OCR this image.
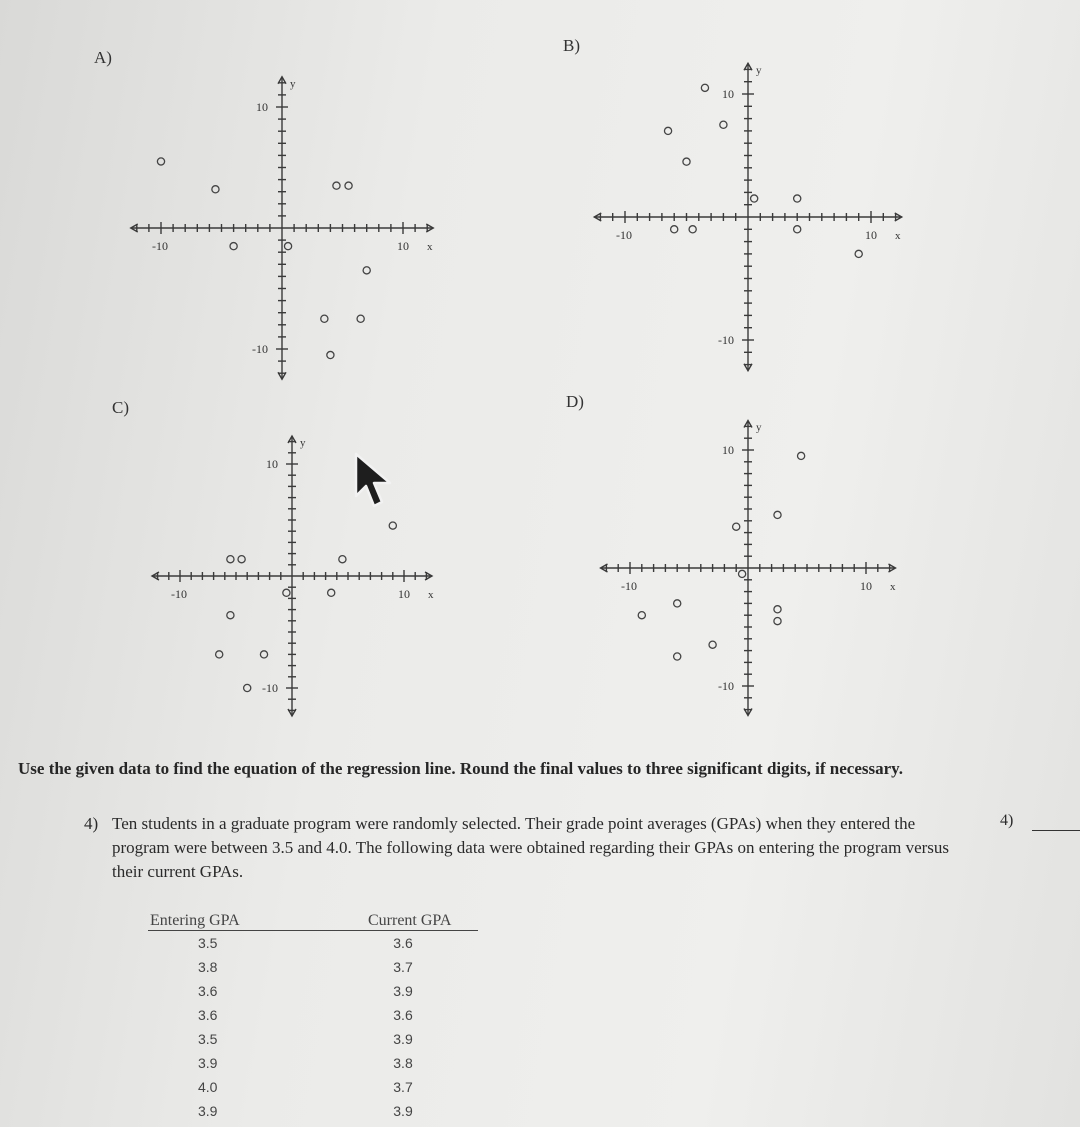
A)
B)
C)	D)
-10	10
10
-10
x
y
-10	10
10
-10
x
y
-10	10
10
-10
x
y
-10	10
10
-10
x
y
Use the given data to find the equation of the regression line. Round the final values to three significant digits, if necessary.
4) Ten students in a graduate program were randomly selected. Their grade point averages (GPAs) when they entered the program were between 3.5 and 4.0. The following data were obtained regarding their GPAs on entering the program versus their current GPAs.
4)
Entering GPA	Current GPA
3.5	3.6
3.8	3.7
3.6	3.9
3.6	3.6
3.5	3.9
3.9	3.8
4.0	3.7
3.9	3.9
